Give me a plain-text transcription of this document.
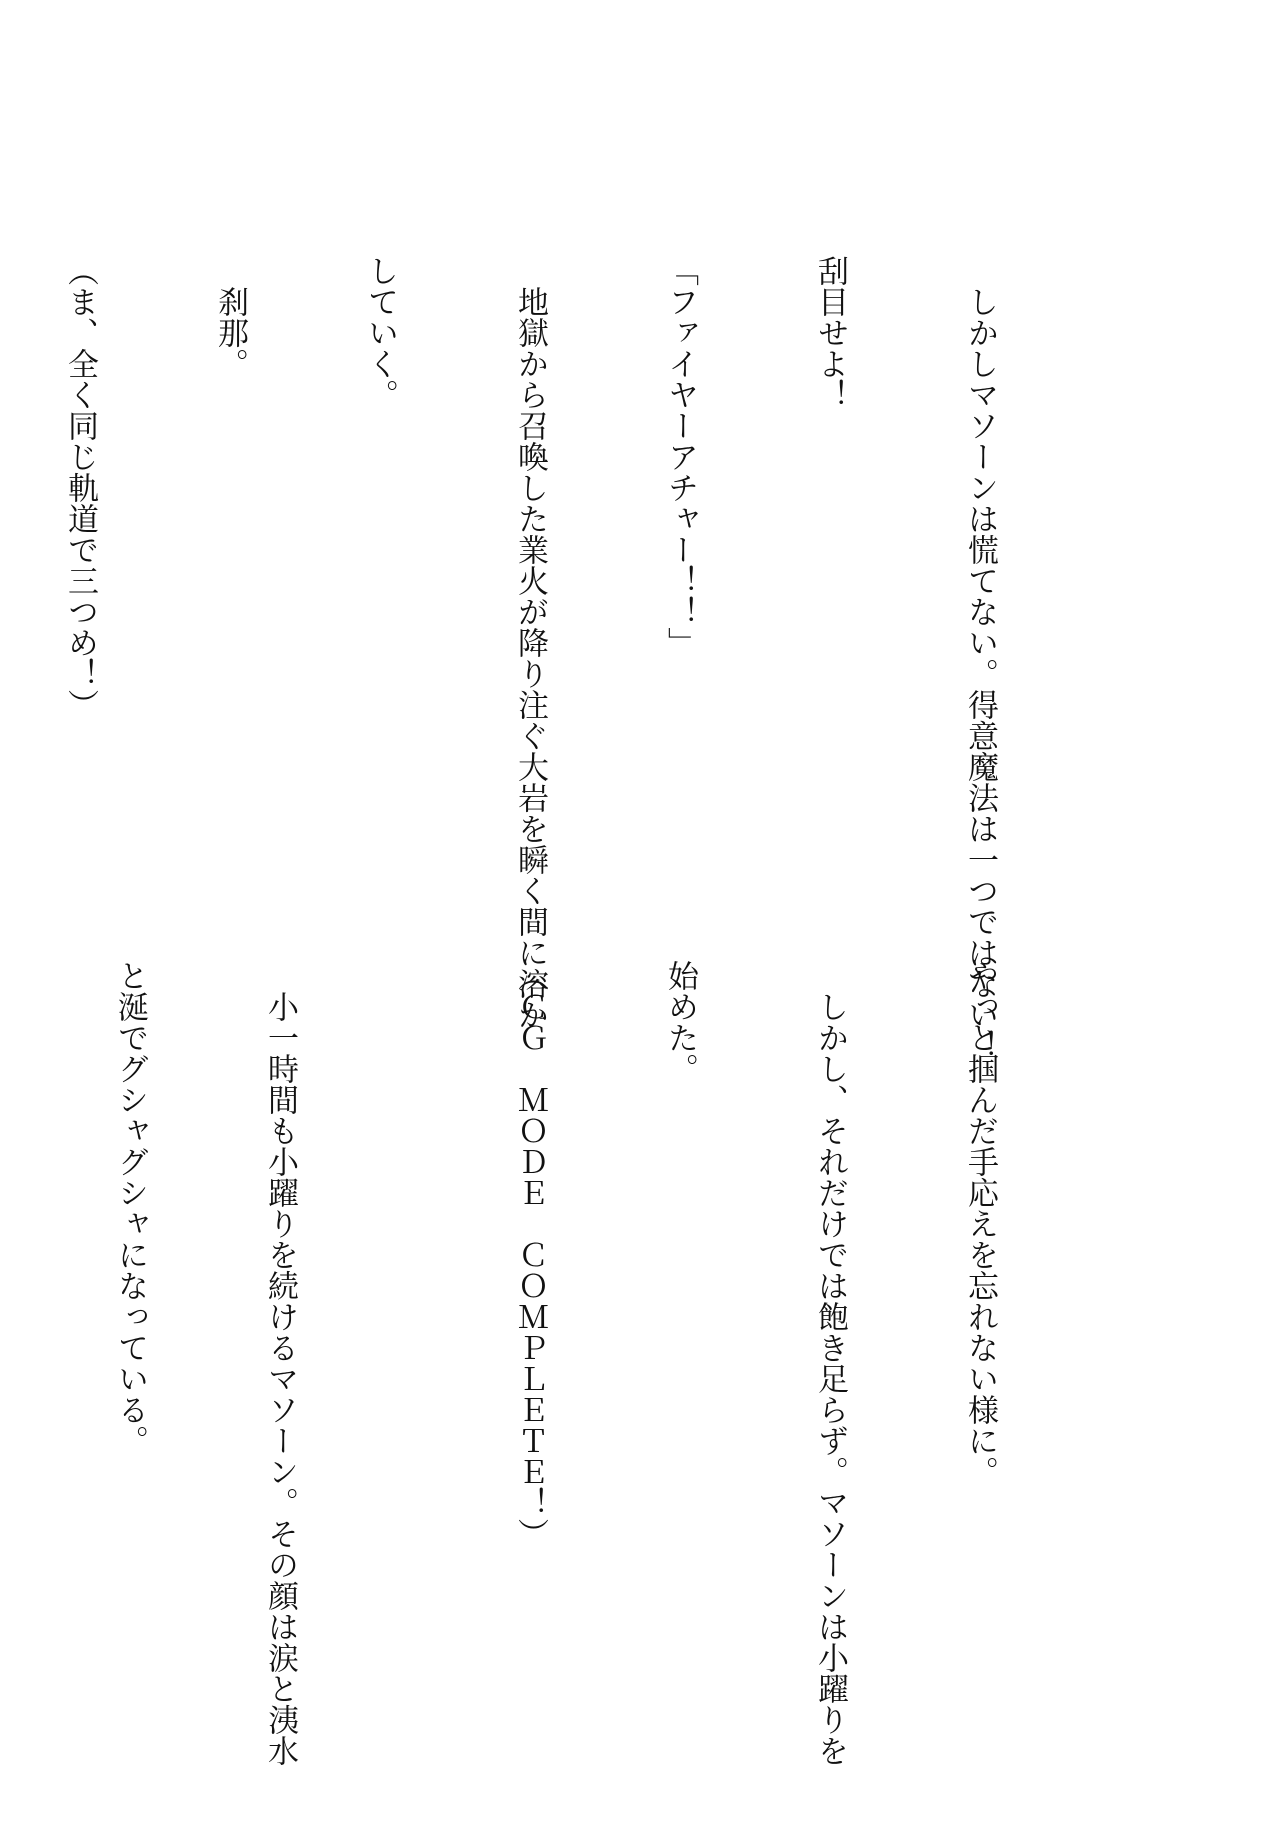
　しかしマソーンは慌てない。得意魔法は一つではない！

刮目せよ！

「ファイヤーアチャー！！」

　地獄から召喚した業火が降り注ぐ大岩を瞬く間に溶か

していく。

　刹那。

（ま、全く同じ軌道で三つめ！）

やっと掴んだ手応えを忘れない様に。

　しかし、それだけでは飽き足らず。マソーンは小躍りを

始めた。

（ＣＧ　ＭＯＤＥ　ＣＯＭＰＬＥＴＥ！）

　小一時間も小躍りを続けるマソーン。その顔は涙と洟水

と涎でグシャグシャになっている。
